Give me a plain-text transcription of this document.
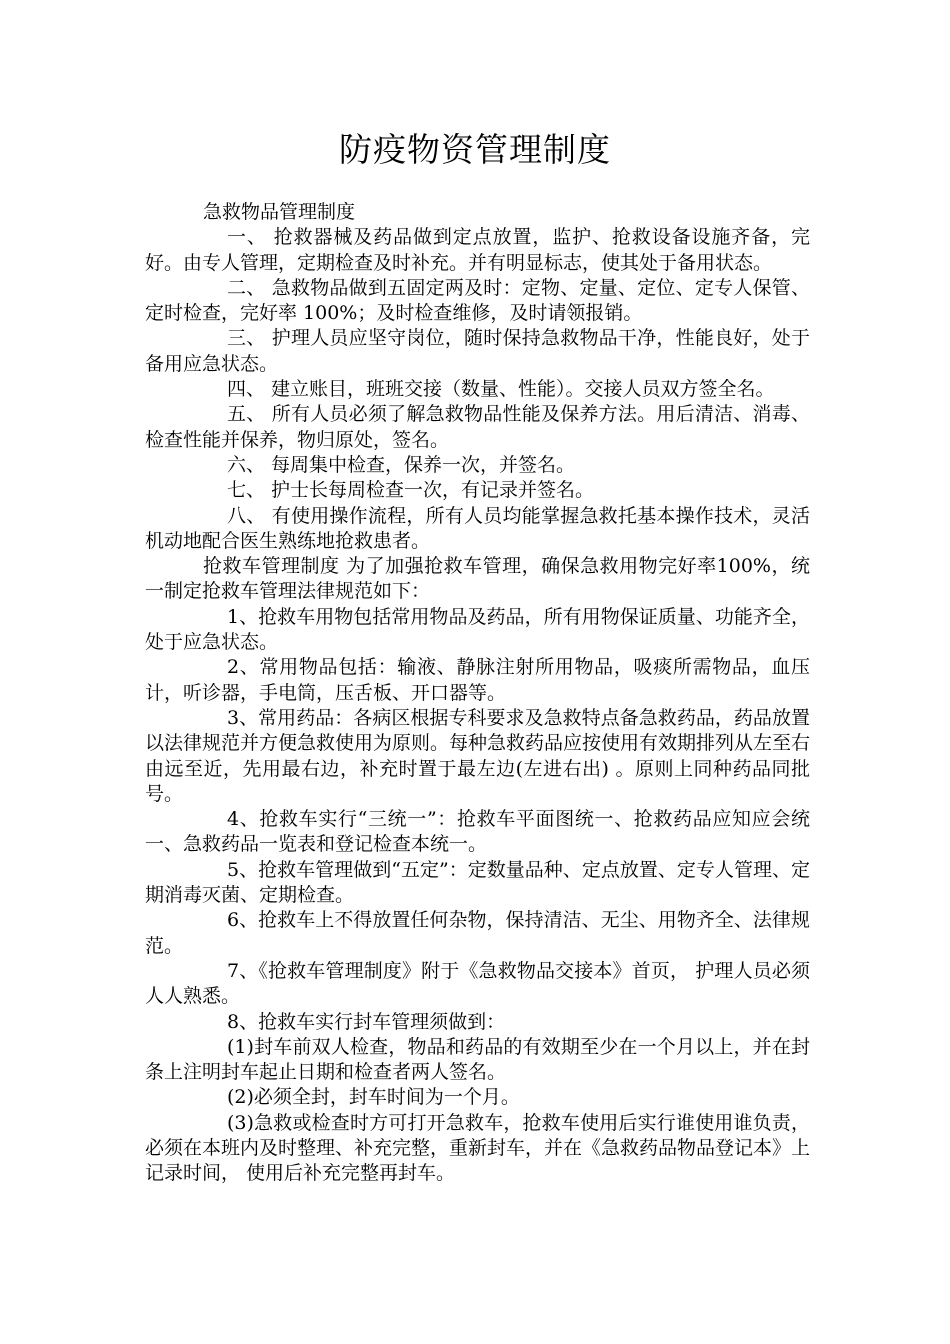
防疫物资管理制度

急救物品管理制度

一、 抢救器械及药品做到定点放置，监护、抢救设备设施齐备，完好。由专人管理，定期检查及时补充。并有明显标志，使其处于备用状态。

二、 急救物品做到五固定两及时：定物、定量、定位、定专人保管、定时检查，完好率 100%；及时检查维修，及时请领报销。

三、 护理人员应坚守岗位，随时保持急救物品干净，性能良好，处于备用应急状态。

四、 建立账目，班班交接（数量、性能）。交接人员双方签全名。

五、 所有人员必须了解急救物品性能及保养方法。用后清洁、消毒、检查性能并保养，物归原处，签名。

六、 每周集中检查，保养一次，并签名。

七、 护士长每周检查一次，有记录并签名。

八、 有使用操作流程，所有人员均能掌握急救托基本操作技术，灵活机动地配合医生熟练地抢救患者。

抢救车管理制度 为了加强抢救车管理，确保急救用物完好率100%，统一制定抢救车管理法律规范如下：

1、抢救车用物包括常用物品及药品，所有用物保证质量、功能齐全，处于应急状态。

2、常用物品包括：输液、静脉注射所用物品，吸痰所需物品，血压计，听诊器，手电筒，压舌板、开口器等。

3、常用药品：各病区根据专科要求及急救特点备急救药品，药品放置以法律规范并方便急救使用为原则。每种急救药品应按使用有效期排列从左至右由远至近，先用最右边，补充时置于最左边(左进右出) 。原则上同种药品同批号。

4、抢救车实行“三统一”：抢救车平面图统一、抢救药品应知应会统一、急救药品一览表和登记检查本统一。

5、抢救车管理做到“五定”：定数量品种、定点放置、定专人管理、定期消毒灭菌、定期检查。

6、抢救车上不得放置任何杂物，保持清洁、无尘、用物齐全、法律规范。

7、《抢救车管理制度》附于《急救物品交接本》首页， 护理人员必须人人熟悉。

8、抢救车实行封车管理须做到：

(1)封车前双人检查，物品和药品的有效期至少在一个月以上，并在封条上注明封车起止日期和检查者两人签名。

(2)必须全封，封车时间为一个月。

(3)急救或检查时方可打开急救车，抢救车使用后实行谁使用谁负责，必须在本班内及时整理、补充完整，重新封车，并在《急救药品物品登记本》上记录时间， 使用后补充完整再封车。
